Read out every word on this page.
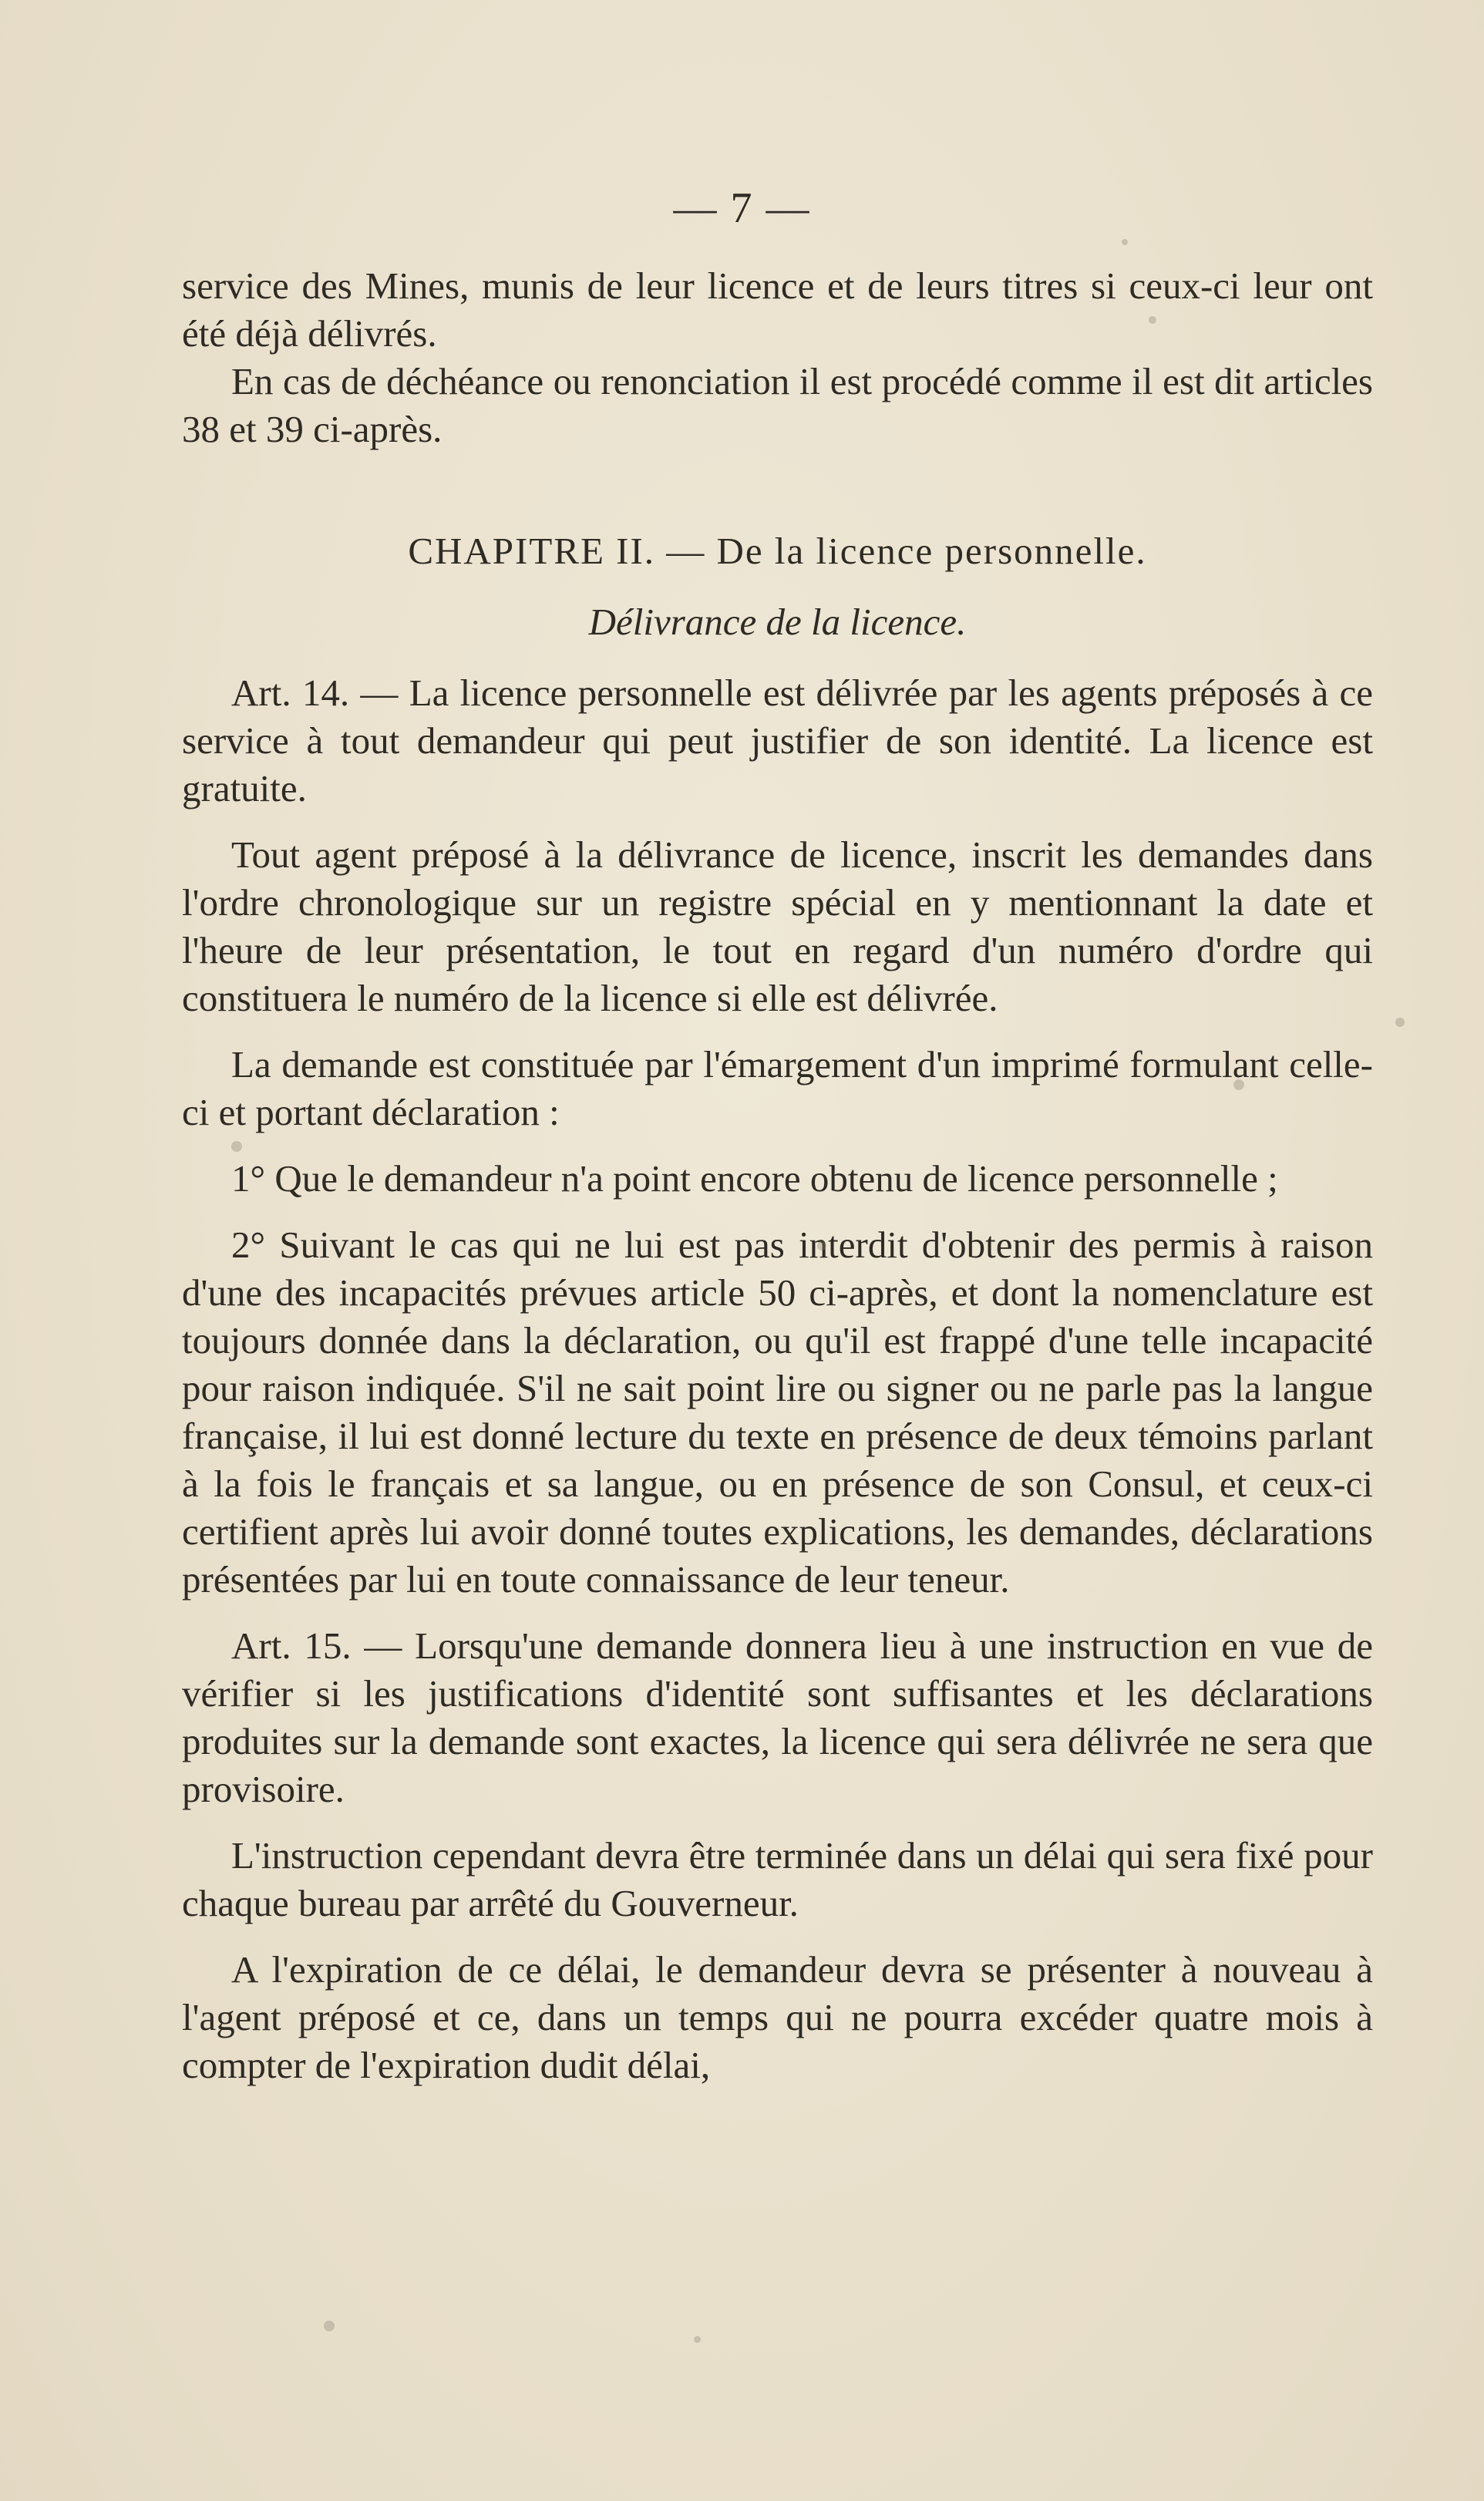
— 7 —

service des Mines, munis de leur licence et de leurs titres si ceux-ci leur ont été déjà délivrés.

En cas de déchéance ou renonciation il est procédé comme il est dit articles 38 et 39 ci-après.

CHAPITRE II. — De la licence personnelle.

Délivrance de la licence.

Art. 14. — La licence personnelle est délivrée par les agents préposés à ce service à tout demandeur qui peut justifier de son identité. La licence est gratuite.

Tout agent préposé à la délivrance de licence, inscrit les demandes dans l'ordre chronologique sur un registre spécial en y mentionnant la date et l'heure de leur présentation, le tout en regard d'un numéro d'ordre qui constituera le numéro de la licence si elle est délivrée.

La demande est constituée par l'émargement d'un imprimé formulant celle-ci et portant déclaration :

1° Que le demandeur n'a point encore obtenu de licence personnelle ;

2° Suivant le cas qui ne lui est pas interdit d'obtenir des permis à raison d'une des incapacités prévues article 50 ci-après, et dont la nomenclature est toujours donnée dans la déclaration, ou qu'il est frappé d'une telle incapacité pour raison indiquée. S'il ne sait point lire ou signer ou ne parle pas la langue française, il lui est donné lecture du texte en présence de deux témoins parlant à la fois le français et sa langue, ou en présence de son Consul, et ceux-ci certifient après lui avoir donné toutes explications, les demandes, déclarations présentées par lui en toute connaissance de leur teneur.

Art. 15. — Lorsqu'une demande donnera lieu à une instruction en vue de vérifier si les justifications d'identité sont suffisantes et les déclarations produites sur la demande sont exactes, la licence qui sera délivrée ne sera que provisoire.

L'instruction cependant devra être terminée dans un délai qui sera fixé pour chaque bureau par arrêté du Gouverneur.

A l'expiration de ce délai, le demandeur devra se présenter à nouveau à l'agent préposé et ce, dans un temps qui ne pourra excéder quatre mois à compter de l'expiration dudit délai,
